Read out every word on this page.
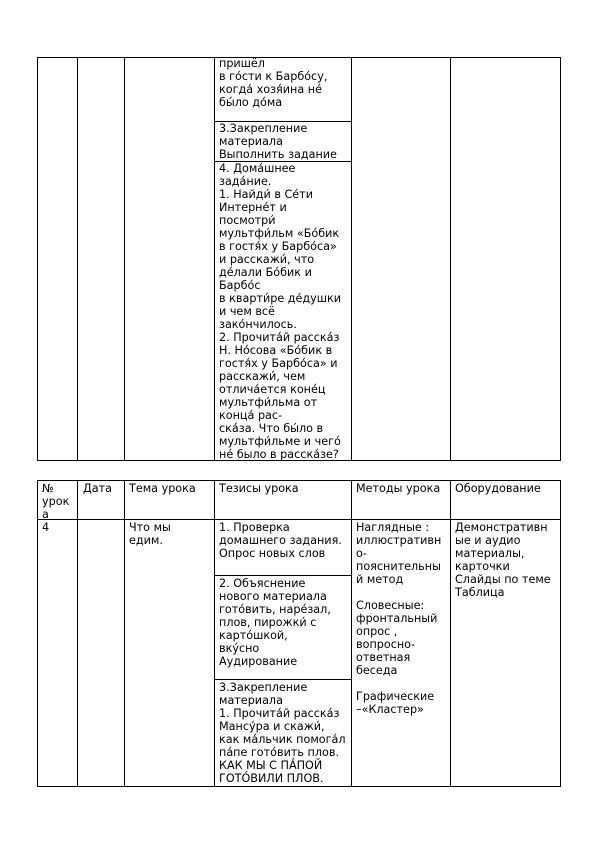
пришёл
в го́сти к Барбо́су,
когда́ хозя́ина не́
бы́ло до́ма
3.Закрепление
материала
Выполнить задание
4. Дома́шнее
зада́ние.
1. Найди́ в Се́ти
Интерне́т и
посмотри́
мультфи́льм «Бо́бик
в гостя́х у Барбо́са»
и расскажи́, что
де́лали Бо́бик и
Барбо́с
в кварти́ре де́душки
и чем всё
зако́нчилось.
2. Прочита́й расска́з
Н. Но́сова «Бо́бик в
гостя́х у Барбо́са» и
расскажи́, чем
отлича́ется коне́ц
мультфи́льма от
конца́ рас-
ска́за. Что бы́ло в
мультфи́льме и чего́
не́ было в расска́зе?
№
урок
а
Дата Тема урока Тезисы урока	Методы урока Оборудование
4	Что мы
едим.
1. Проверка
домашнего задания.
Опрос новых слов
2. Объяснение
нового материала
гото́вить, наре́зал,
плов, пирожки́ с
карто́шкой,
вку́сно
Аудирование
3.Закрепление
материала
1. Прочита́й расска́з
Мансу́ра и скажи́,
как ма́льчик помога́л
па́пе гото́вить плов.
КАК МЫ С ПА́ПОЙ
ГОТО́ВИЛИ ПЛОВ.
Наглядные :
иллюстративн
о-
пояснительны
й метод

Словесные:
фронтальный
опрос ,
вопросно-
ответная
беседа

Графические
–«Кластер»
Демонстративн
ые и аудио
материалы,
карточки
Слайды по теме
Таблица
